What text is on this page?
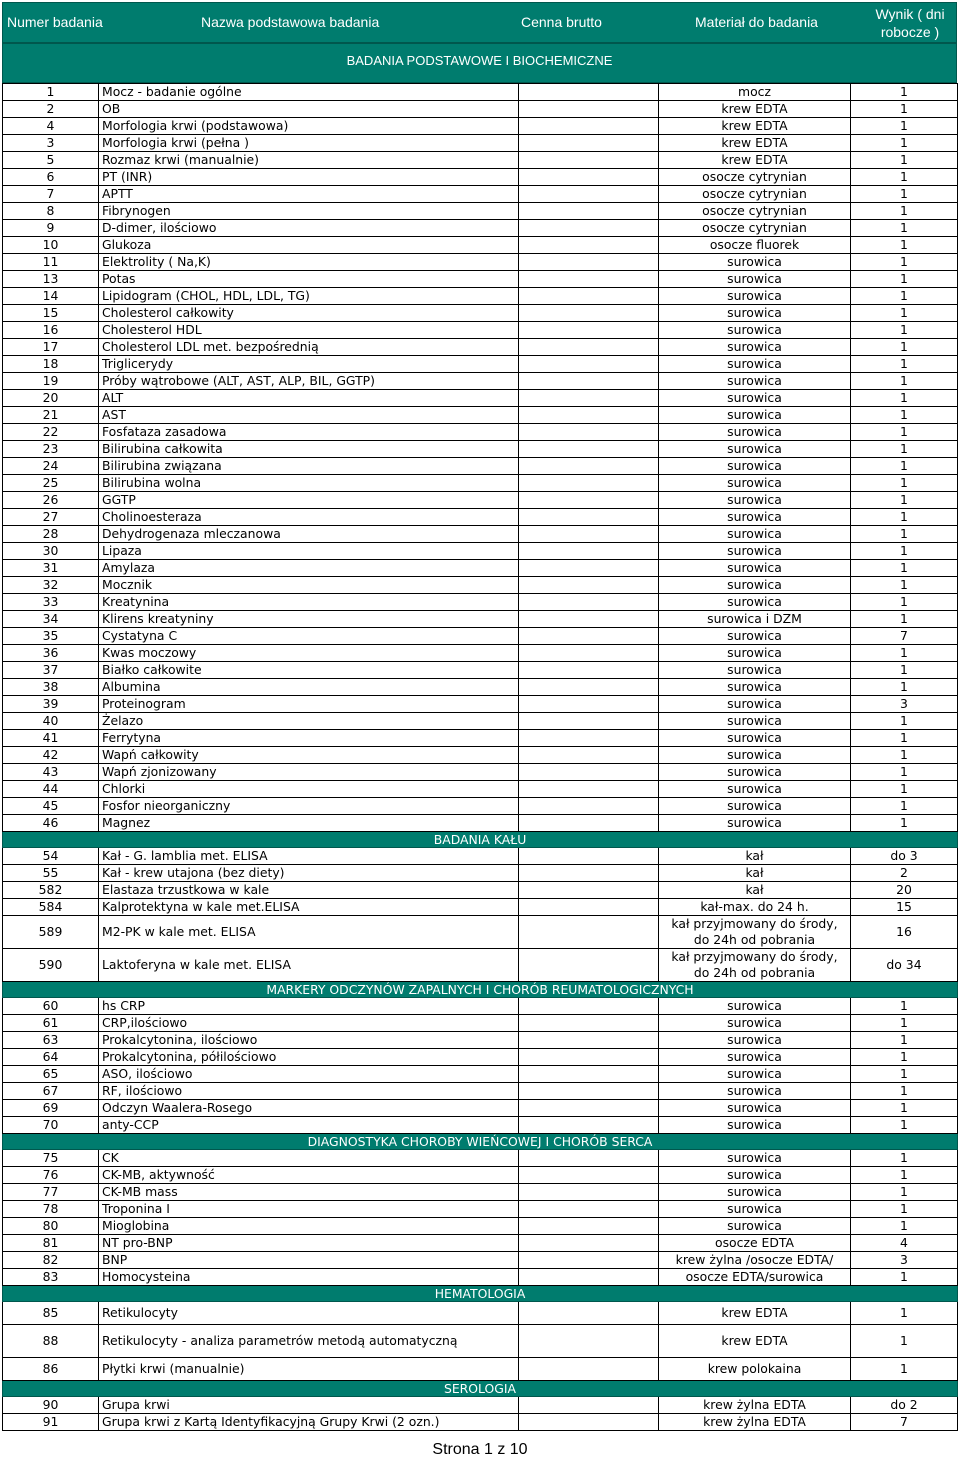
Numer badania	Nazwa podstawowa badania	Cenna brutto	Materiał do badania	Wynik ( dni robocze )
BADANIA PODSTAWOWE I BIOCHEMICZNE
1	Mocz - badanie ogólne		mocz	1
2	OB		krew EDTA	1
4	Morfologia krwi (podstawowa)		krew EDTA	1
3	Morfologia krwi (pełna )		krew EDTA	1
5	Rozmaz krwi (manualnie)		krew EDTA	1
6	PT (INR)		osocze cytrynian	1
7	APTT		osocze cytrynian	1
8	Fibrynogen		osocze cytrynian	1
9	D-dimer, ilościowo		osocze cytrynian	1
10	Glukoza		osocze fluorek	1
11	Elektrolity ( Na,K)		surowica	1
13	Potas		surowica	1
14	Lipidogram (CHOL, HDL, LDL, TG)		surowica	1
15	Cholesterol całkowity		surowica	1
16	Cholesterol HDL		surowica	1
17	Cholesterol LDL met. bezpośrednią		surowica	1
18	Triglicerydy		surowica	1
19	Próby wątrobowe (ALT, AST, ALP, BIL, GGTP)		surowica	1
20	ALT		surowica	1
21	AST		surowica	1
22	Fosfataza zasadowa		surowica	1
23	Bilirubina całkowita		surowica	1
24	Bilirubina związana		surowica	1
25	Bilirubina wolna		surowica	1
26	GGTP		surowica	1
27	Cholinoesteraza		surowica	1
28	Dehydrogenaza mleczanowa		surowica	1
30	Lipaza		surowica	1
31	Amylaza		surowica	1
32	Mocznik		surowica	1
33	Kreatynina		surowica	1
34	Klirens kreatyniny		surowica i DZM	1
35	Cystatyna C		surowica	7
36	Kwas moczowy		surowica	1
37	Białko całkowite		surowica	1
38	Albumina		surowica	1
39	Proteinogram		surowica	3
40	Żelazo		surowica	1
41	Ferrytyna		surowica	1
42	Wapń całkowity		surowica	1
43	Wapń zjonizowany		surowica	1
44	Chlorki		surowica	1
45	Fosfor nieorganiczny		surowica	1
46	Magnez		surowica	1
BADANIA KAŁU				
54	Kał - G. lamblia met. ELISA		kał	do 3
55	Kał - krew utajona (bez diety)		kał	2
582	Elastaza trzustkowa w kale		kał	20
584	Kalprotektyna w kale met.ELISA		kał-max. do 24 h.	15
589	M2-PK w kale met. ELISA		kał przyjmowany do środy, do 24h od pobrania	16
590	Laktoferyna w kale met. ELISA		kał przyjmowany do środy, do 24h od pobrania	do 34
MARKERY ODCZYNÓW ZAPALNYCH I CHORÓB REUMATOLOGICZNYCH				
60	hs CRP		surowica	1
61	CRP,ilościowo		surowica	1
63	Prokalcytonina, ilościowo		surowica	1
64	Prokalcytonina, półilościowo		surowica	1
65	ASO, ilościowo		surowica	1
67	RF, ilościowo		surowica	1
69	Odczyn Waalera-Rosego		surowica	1
70	anty-CCP		surowica	1
DIAGNOSTYKA CHOROBY WIEŃCOWEJ I CHORÓB SERCA				
75	CK		surowica	1
76	CK-MB, aktywność		surowica	1
77	CK-MB mass		surowica	1
78	Troponina I		surowica	1
80	Mioglobina		surowica	1
81	NT pro-BNP		osocze EDTA	4
82	BNP		krew żylna /osocze EDTA/	3
83	Homocysteina		osocze EDTA/surowica	1
HEMATOLOGIA				
85	Retikulocyty		krew EDTA	1
88	Retikulocyty - analiza parametrów metodą automatyczną		krew EDTA	1
86	Płytki krwi (manualnie)		krew polokaina	1
SEROLOGIA				
90	Grupa krwi		krew żylna EDTA	do 2
91	Grupa krwi z Kartą Identyfikacyjną Grupy Krwi (2 ozn.)		krew żylna EDTA	7
Strona 1 z 10
